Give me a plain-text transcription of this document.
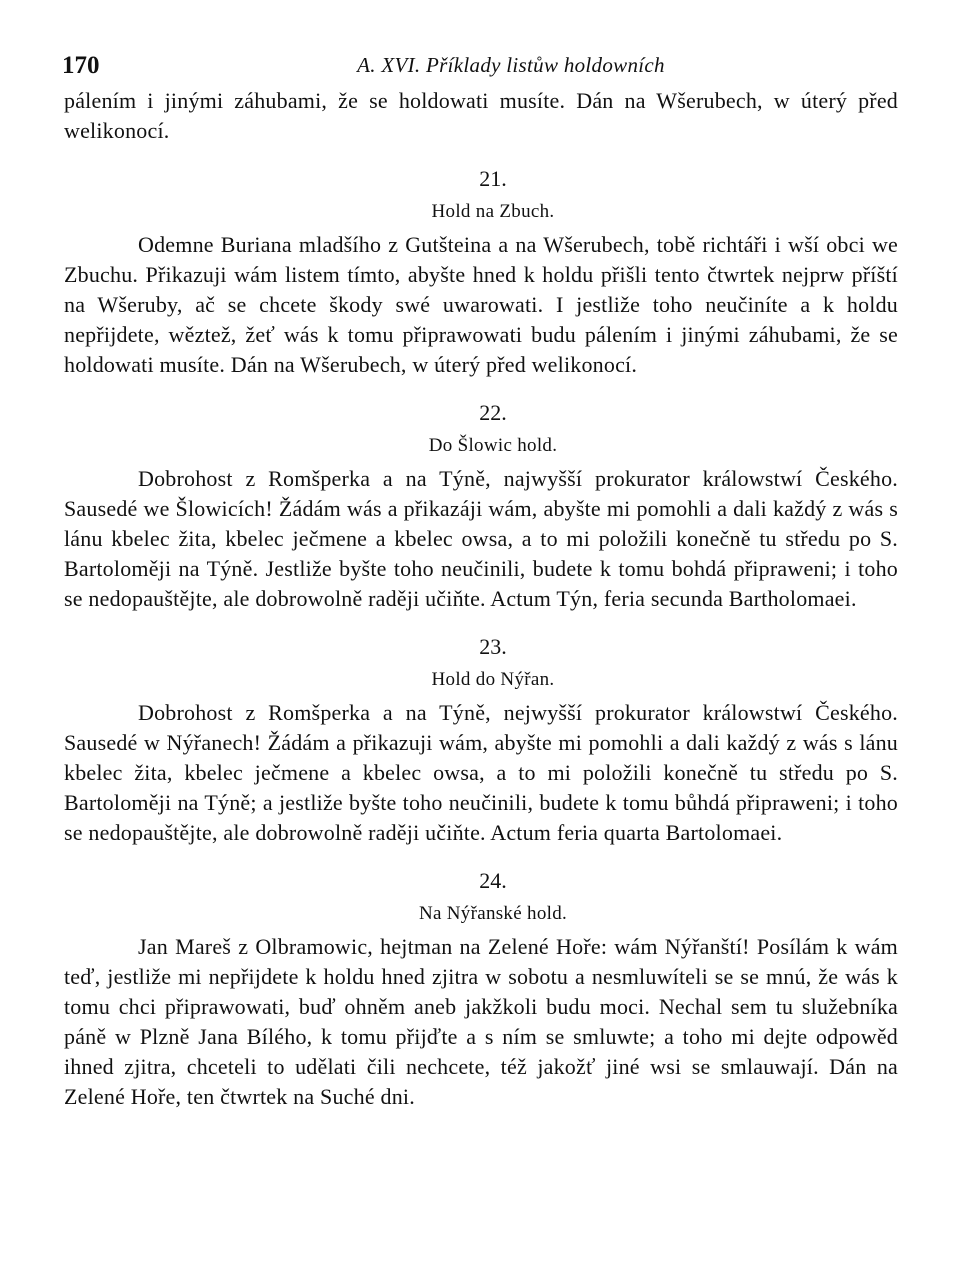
170	A. XVI. Příklady listůw holdowních

pálením i jinými záhubami, že se holdowati musíte. Dán na Wšerubech, w úterý před welikonocí.

21.
Hold na Zbuch.

Odemne Buriana mladšího z Gutšteina a na Wšerubech, tobě richtáři i wší obci we Zbuchu. Přikazuji wám listem tímto, abyšte hned k holdu přišli tento čtwrtek nejprw příští na Wšeruby, ač se chcete škody swé uwarowati. I jestliže toho neučiníte a k holdu nepřijdete, wěztež, žeť wás k tomu připrawowati budu pálením i jinými záhubami, že se holdowati musíte. Dán na Wšerubech, w úterý před welikonocí.

22.
Do Šlowic hold.

Dobrohost z Romšperka a na Týně, najwyšší prokurator králowstwí Českého. Sausedé we Šlowicích! Žádám wás a přikazáji wám, abyšte mi pomohli a dali každý z wás s lánu kbelec žita, kbelec ječmene a kbelec owsa, a to mi položili konečně tu středu po S. Bartoloměji na Týně. Jestliže byšte toho neučinili, budete k tomu bohdá připraweni; i toho se nedopauštějte, ale dobrowolně raději učiňte. Actum Týn, feria secunda Bartholomaei.

23.
Hold do Nýřan.

Dobrohost z Romšperka a na Týně, nejwyšší prokurator králowstwí Českého. Sausedé w Nýřanech! Žádám a přikazuji wám, abyšte mi pomohli a dali každý z wás s lánu kbelec žita, kbelec ječmene a kbelec owsa, a to mi položili konečně tu středu po S. Bartoloměji na Týně; a jestliže byšte toho neučinili, budete k tomu bůhdá připraweni; i toho se nedopauštějte, ale dobrowolně raději učiňte. Actum feria quarta Bartolomaei.

24.
Na Nýřanské hold.

Jan Mareš z Olbramowic, hejtman na Zelené Hoře: wám Nýřanští! Posílám k wám teď, jestliže mi nepřijdete k holdu hned zjitra w sobotu a nesmluwíteli se se mnú, že wás k tomu chci připrawowati, buď ohněm aneb jakžkoli budu moci. Nechal sem tu služebníka páně w Plzně Jana Bílého, k tomu přijďte a s ním se smluwte; a toho mi dejte odpowěd ihned zjitra, chceteli to udělati čili nechcete, též jakožť jiné wsi se smlauwají. Dán na Zelené Hoře, ten čtwrtek na Suché dni.
